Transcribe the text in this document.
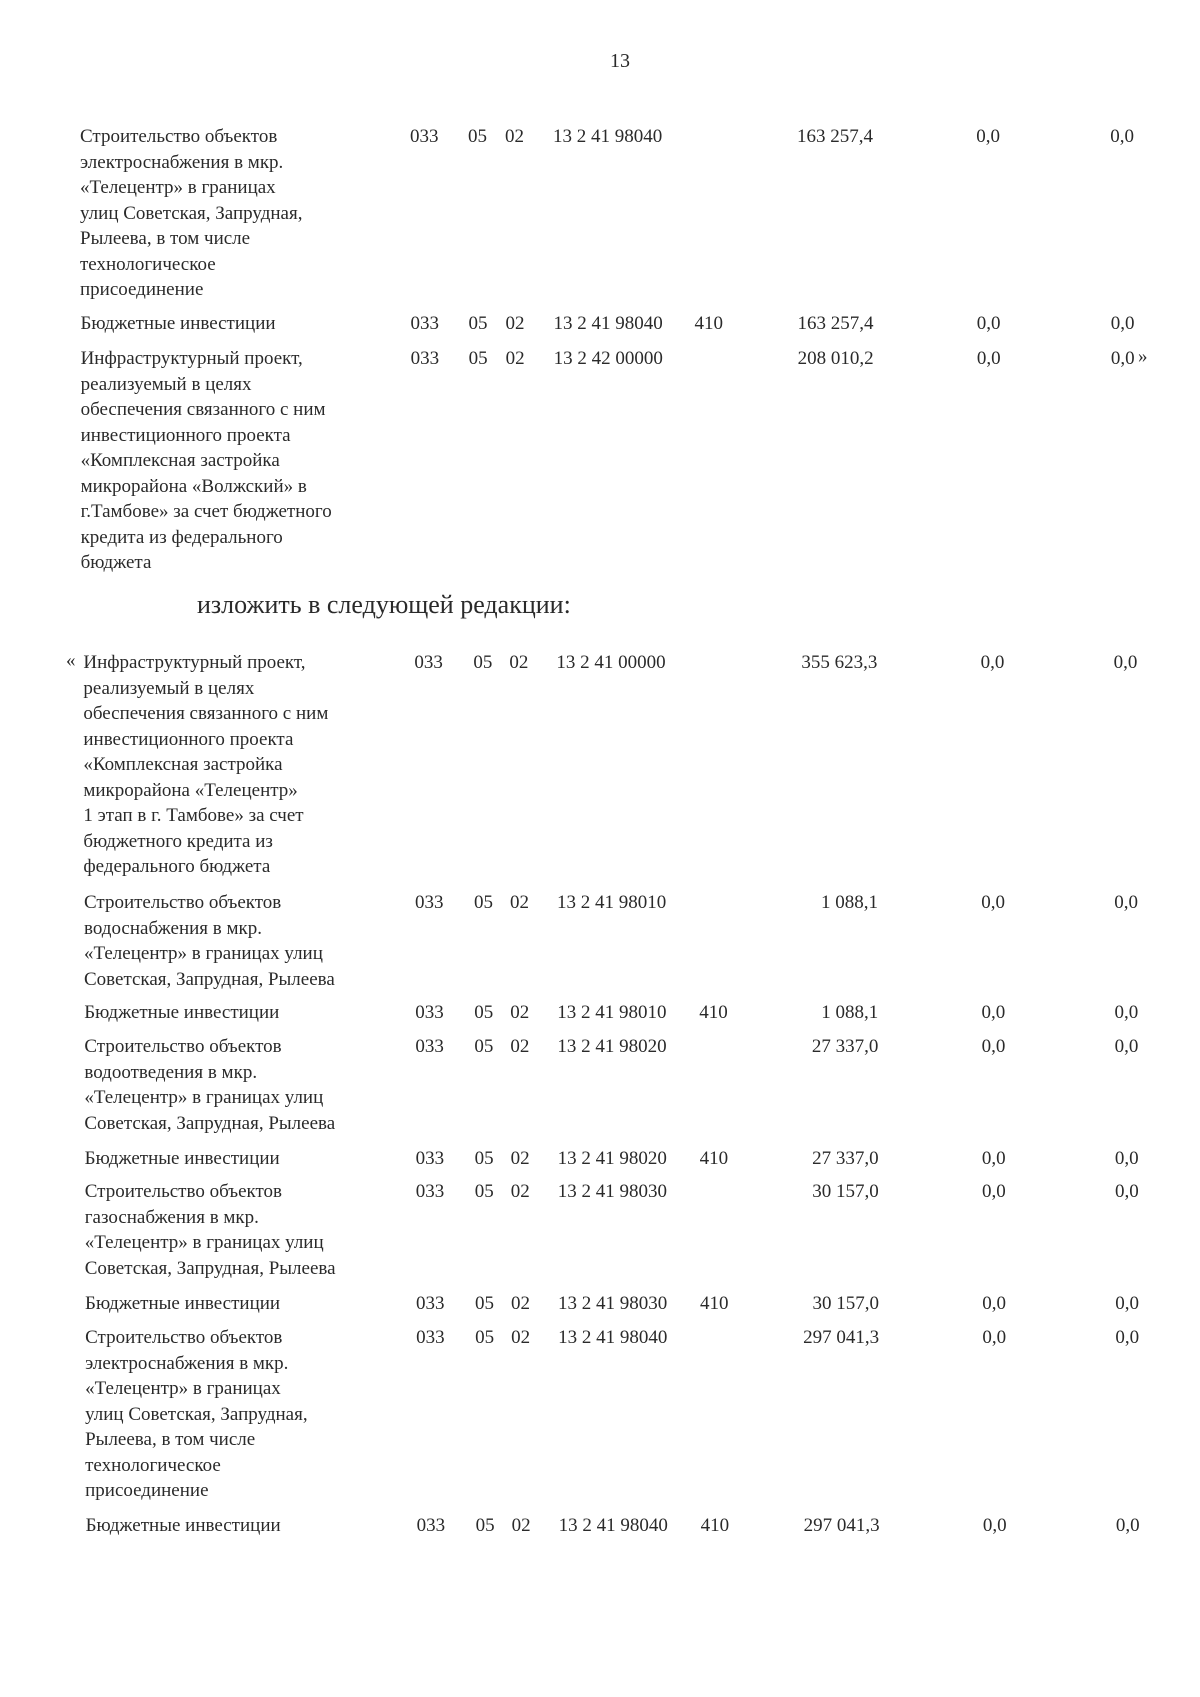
13
изложить в следующей редакции:
«
»
Строительство объектов
электроснабжения в мкр.
«Телецентр» в границах
улиц Советская, Запрудная,
Рылеева, в том числе
технологическое
присоединение
033 05 02 13 2 41 98040	163 257,4	0,0	0,0
Бюджетные инвестиции	033 05 02 13 2 41 98040 410	163 257,4	0,0	0,0
Инфраструктурный проект,
реализуемый в целях
обеспечения связанного с ним
инвестиционного проекта
«Комплексная застройка
микрорайона «Волжский» в
г.Тамбове» за счет бюджетного
кредита из федерального
бюджета
033 05 02 13 2 42 00000	208 010,2	0,0	0,0
Инфраструктурный проект,
реализуемый в целях
обеспечения связанного с ним
инвестиционного проекта
«Комплексная застройка
микрорайона «Телецентр»
1 этап в г. Тамбове» за счет
бюджетного кредита из
федерального бюджета
033 05 02 13 2 41 00000	355 623,3	0,0	0,0
Строительство объектов
водоснабжения в мкр.
«Телецентр» в границах улиц
Советская, Запрудная, Рылеева
033 05 02 13 2 41 98010	1 088,1	0,0	0,0
Бюджетные инвестиции	033 05 02 13 2 41 98010 410	1 088,1	0,0	0,0
Строительство объектов
водоотведения в мкр.
«Телецентр» в границах улиц
Советская, Запрудная, Рылеева
033 05 02 13 2 41 98020	27 337,0	0,0	0,0
Бюджетные инвестиции	033 05 02 13 2 41 98020 410	27 337,0	0,0	0,0
Строительство объектов
газоснабжения в мкр.
«Телецентр» в границах улиц
Советская, Запрудная, Рылеева
033 05 02 13 2 41 98030	30 157,0	0,0	0,0
Бюджетные инвестиции	033 05 02 13 2 41 98030 410	30 157,0	0,0	0,0
Строительство объектов
электроснабжения в мкр.
«Телецентр» в границах
улиц Советская, Запрудная,
Рылеева, в том числе
технологическое
присоединение
033 05 02 13 2 41 98040	297 041,3	0,0	0,0
Бюджетные инвестиции	033 05 02 13 2 41 98040 410	297 041,3	0,0	0,0
